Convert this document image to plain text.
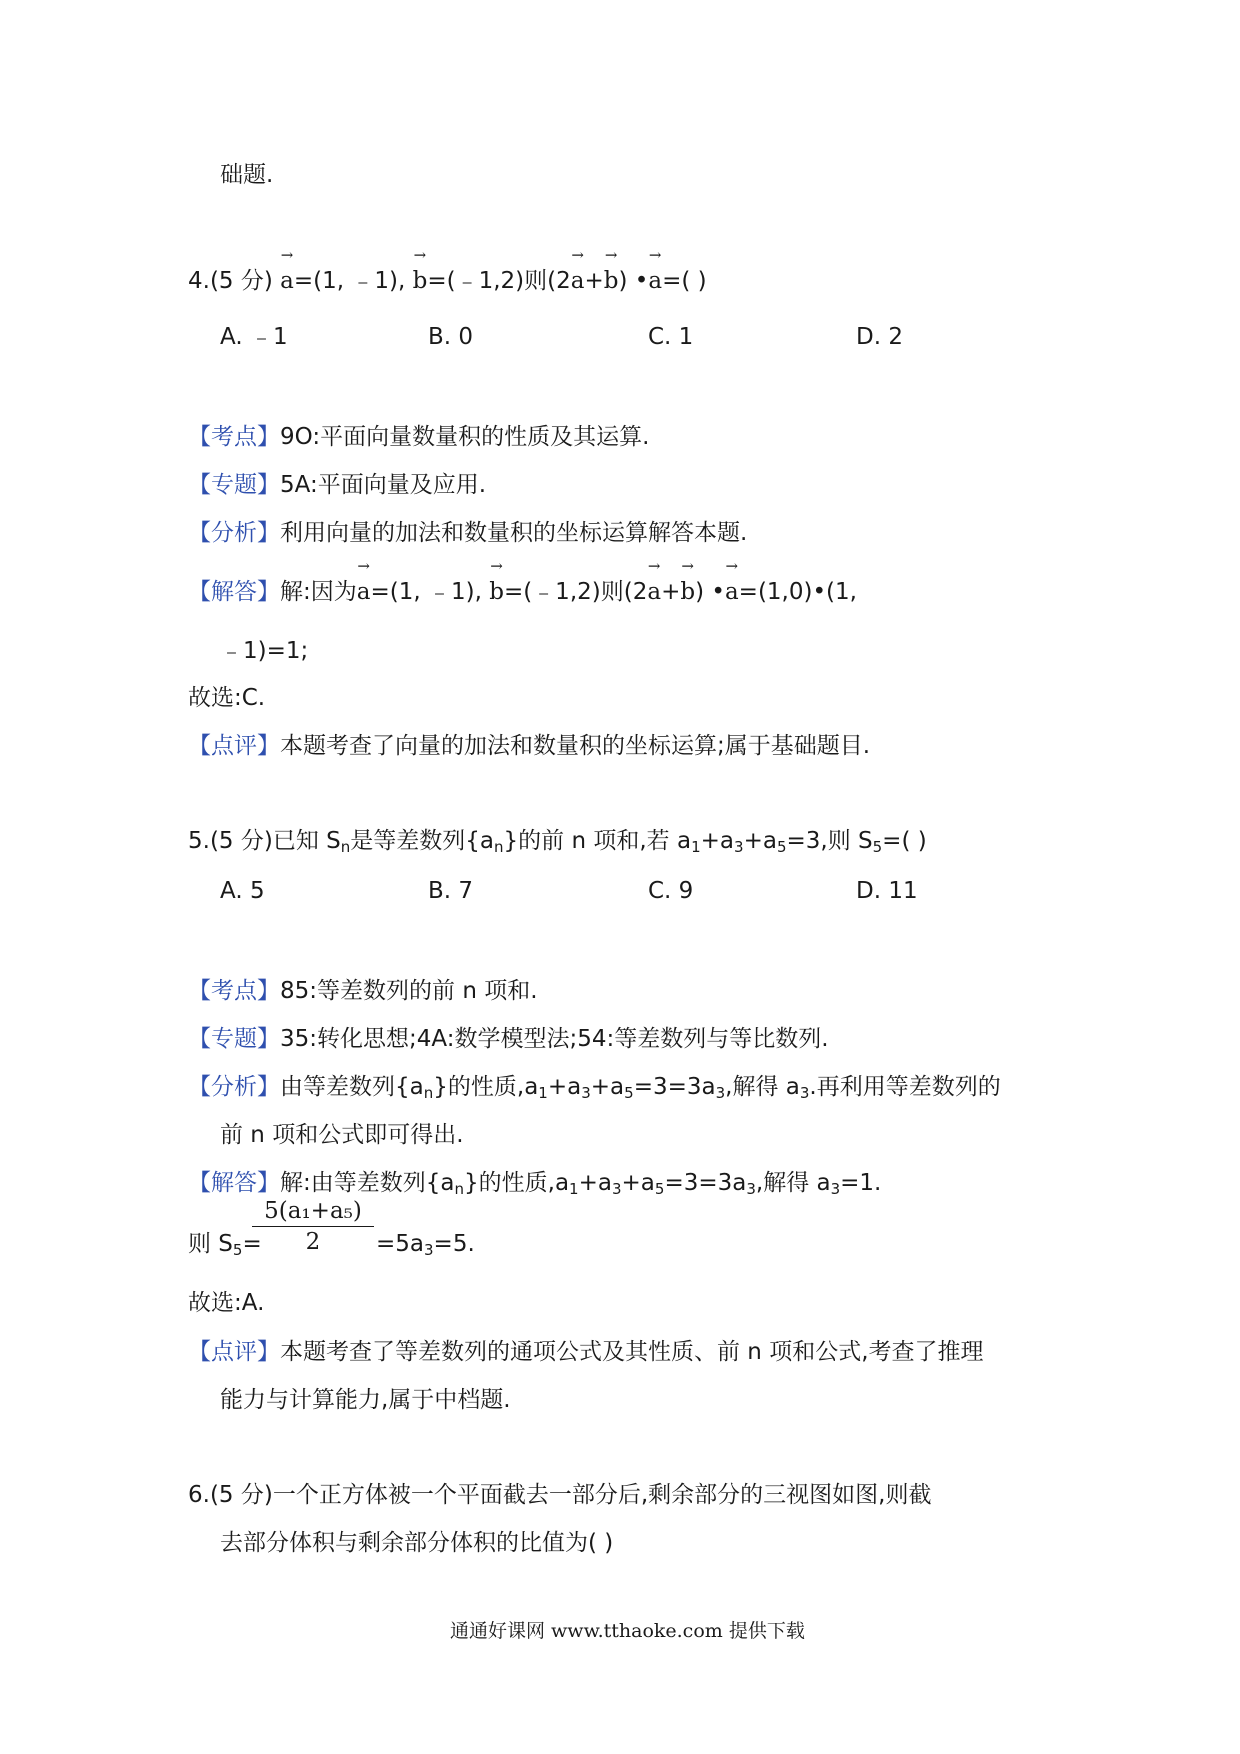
础题.
4.(5 分) → a=(1, ﹣1), → b=(﹣1,2)则(2→ a+→ b) •→ a=( )
A. ﹣1	B. 0	C. 1	D. 2
【考点】9O:平面向量数量积的性质及其运算.
【专题】5A:平面向量及应用.
【分析】利用向量的加法和数量积的坐标运算解答本题.
【解答】解:因为→ a=(1, ﹣1), → b=(﹣1,2)则(2→ a+→ b) •→ a=(1,0)•(1,
﹣1)=1;
故选:C.
【点评】本题考查了向量的加法和数量积的坐标运算;属于基础题目.
5.(5 分)已知 $S_n$是等差数列$\{a_n\}$的前 n 项和,若 $a_1+a_3+a_5=3$,则 $S_5=$( )
A. 5	B. 7	C. 9	D. 11
【考点】85:等差数列的前 n 项和.
【专题】35:转化思想;4A:数学模型法;54:等差数列与等比数列.
【分析】由等差数列$\{a_n\}$的性质$,a_1+a_3+a_5=3=3a_3$,解得 $a_3$.再利用等差数列的
前 n 项和公式即可得出.
【解答】解:由等差数列$\{a_n\}$的性质$,a_1+a_3+a_5=3=3a_3$,解得 $a_3=1$.
则 $S_5=$
$\frac{\text{5(a₁+a₅)}}{2} =5a_3=5$.
故选:A.
【点评】本题考查了等差数列的通项公式及其性质、前 n 项和公式,考查了推理
能力与计算能力,属于中档题.
6.(5 分)一个正方体被一个平面截去一部分后,剩余部分的三视图如图,则截
去部分体积与剩余部分体积的比值为( )
通通好课网 www.tthaoke.com 提供下载
